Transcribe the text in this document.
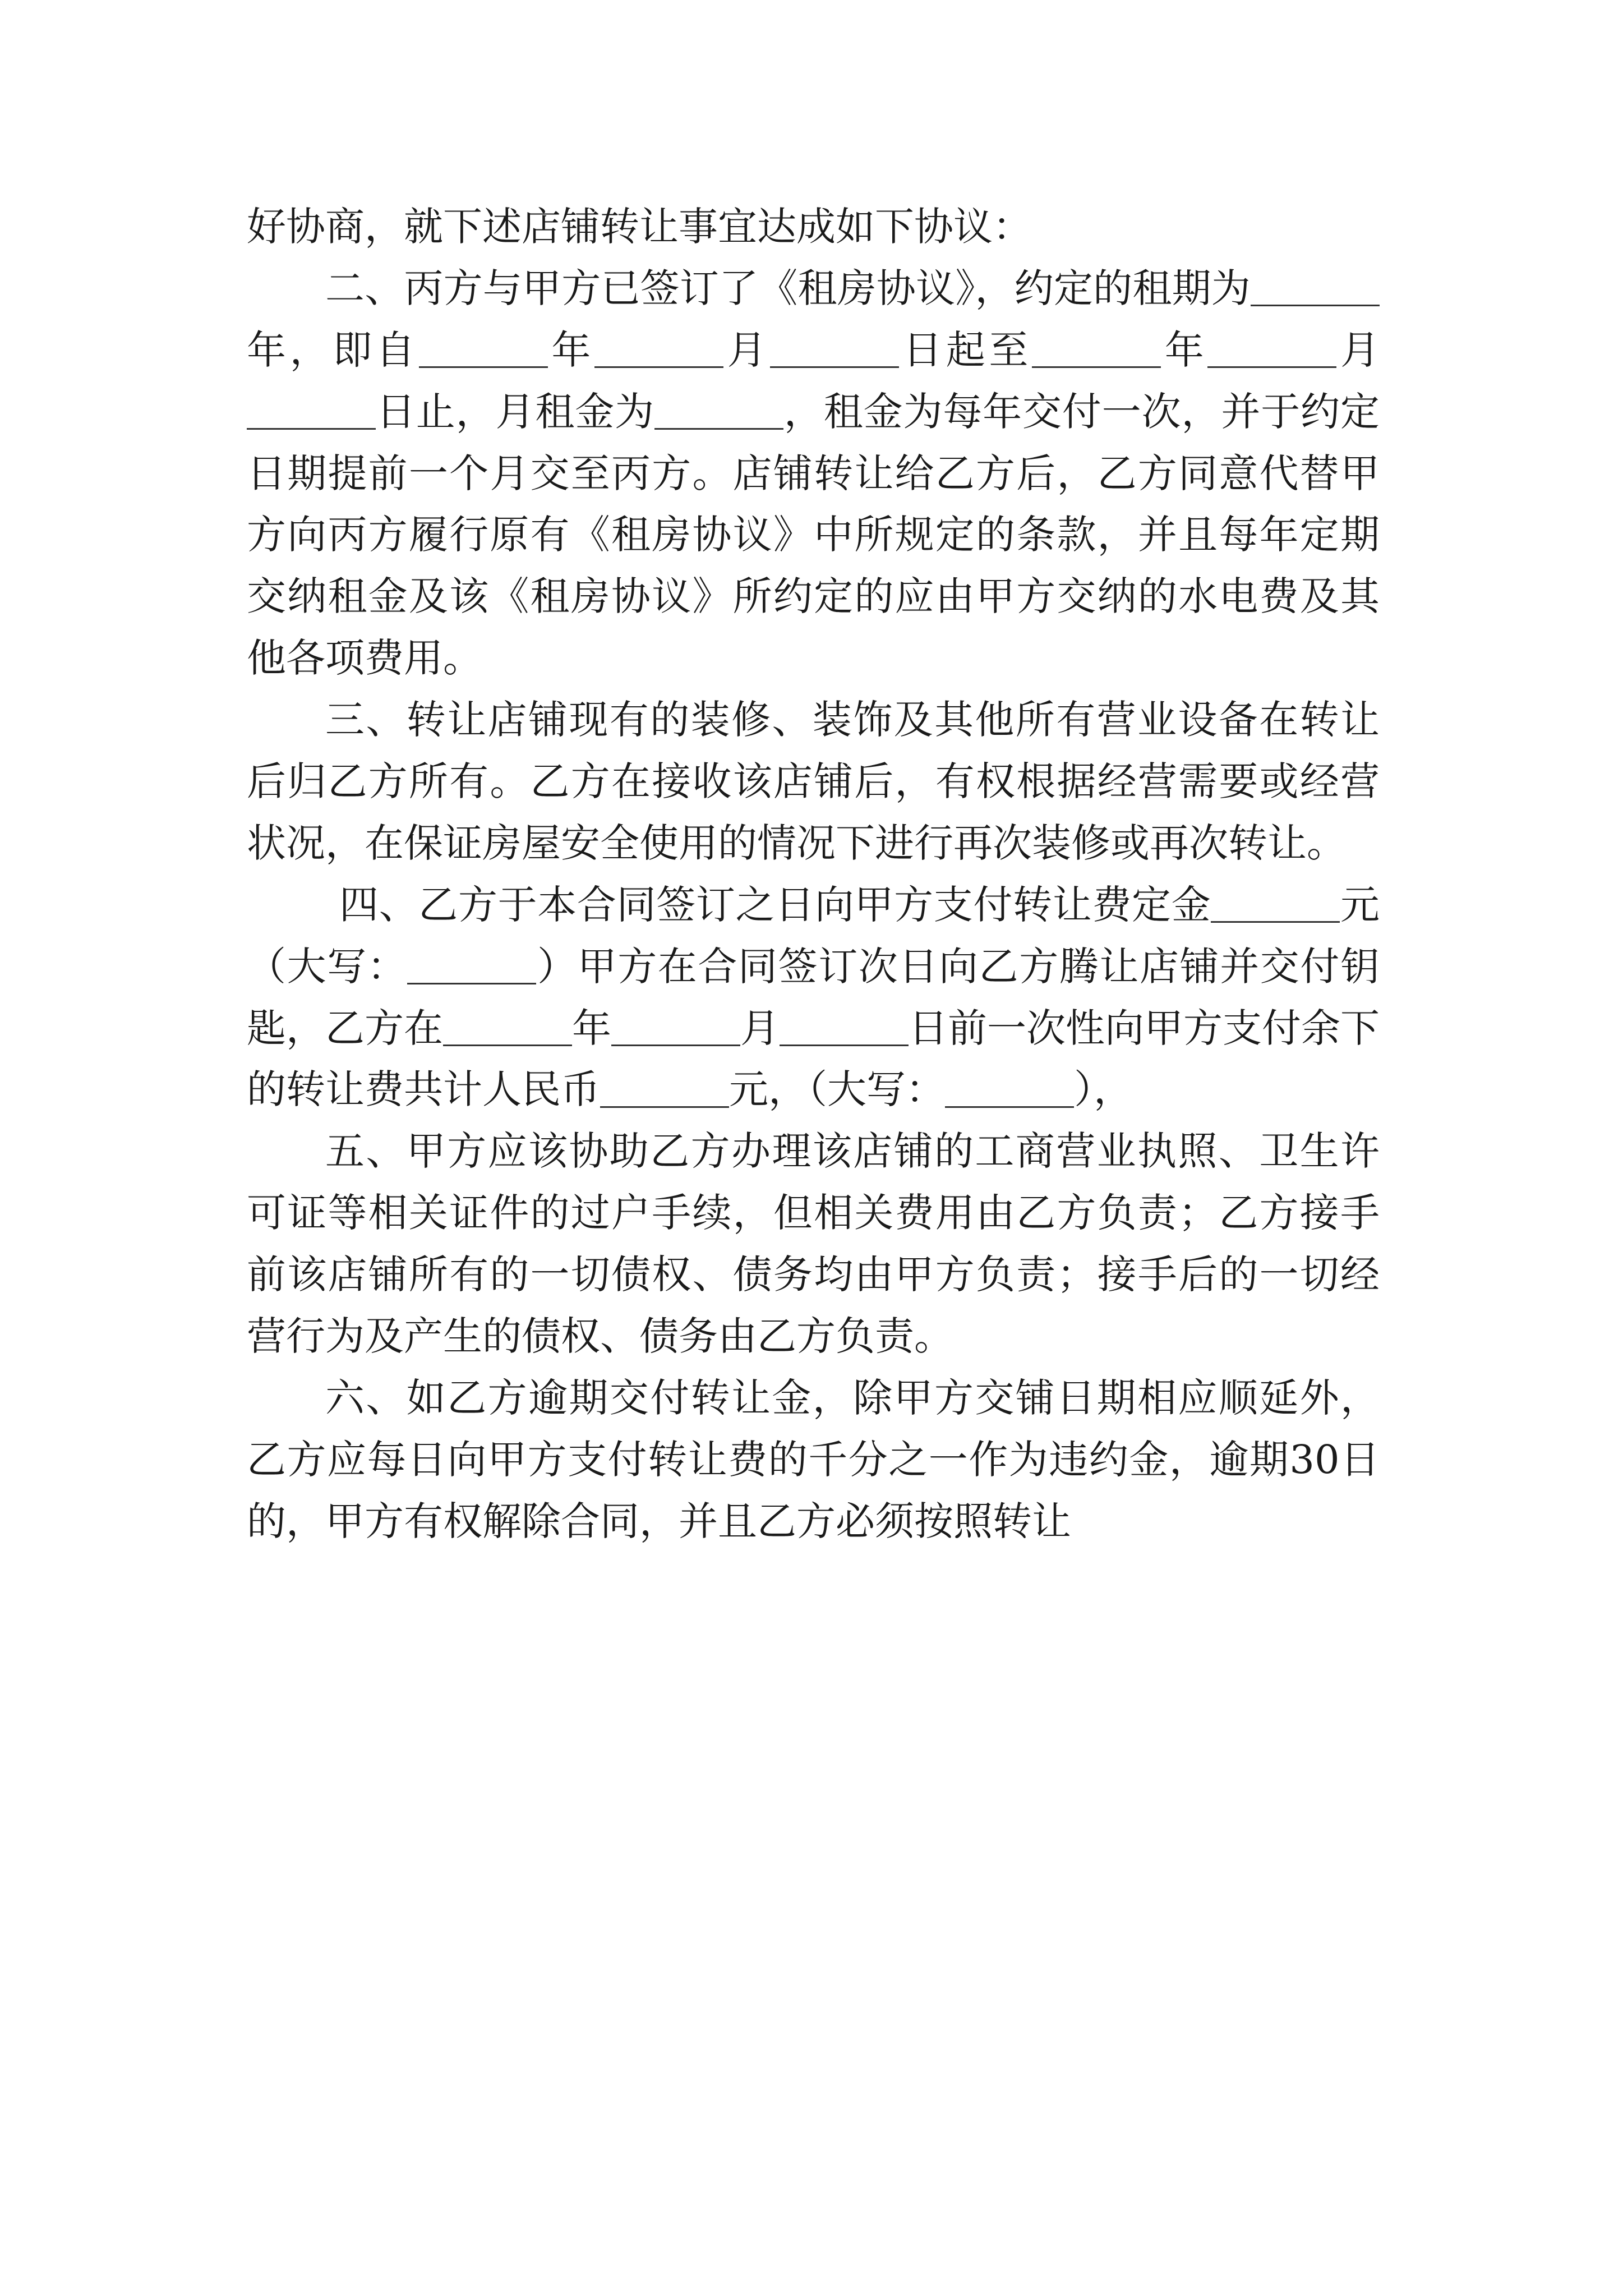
好协商，就下述店铺转让事宜达成如下协议：

二、丙方与甲方已签订了《租房协议》，约定的租期为年，即自	年	月	日起至	年	月日止，月租金为	，租金为每年交付一次，并于约定日期提前一个月交至丙方。店铺转让给乙方后，乙方同意代替甲方向丙方履行原有《租房协议》中所规定的条款，并且每年定期交纳租金及该《租房协议》所约定的应由甲方交纳的水电费及其他各项费用。

三、转让店铺现有的装修、装饰及其他所有营业设备在转让后归乙方所有。乙方在接收该店铺后，有权根据经营需要或经营状况，在保证房屋安全使用的情况下进行再次装修或再次转让。

四、乙方于本合同签订之日向甲方支付转让费定金	元（大写：	）甲方在合同签订次日向乙方腾让店铺并交付钥匙，乙方在	年	月	日前一次性向甲方支付余下的转让费共计人民币	元，（大写：	），

五、甲方应该协助乙方办理该店铺的工商营业执照、卫生许可证等相关证件的过户手续，但相关费用由乙方负责；乙方接手前该店铺所有的一切债权、债务均由甲方负责；接手后的一切经营行为及产生的债权、债务由乙方负责。

六、如乙方逾期交付转让金，除甲方交铺日期相应顺延外，乙方应每日向甲方支付转让费的千分之一作为违约金，逾期30日的，甲方有权解除合同，并且乙方必须按照转让
